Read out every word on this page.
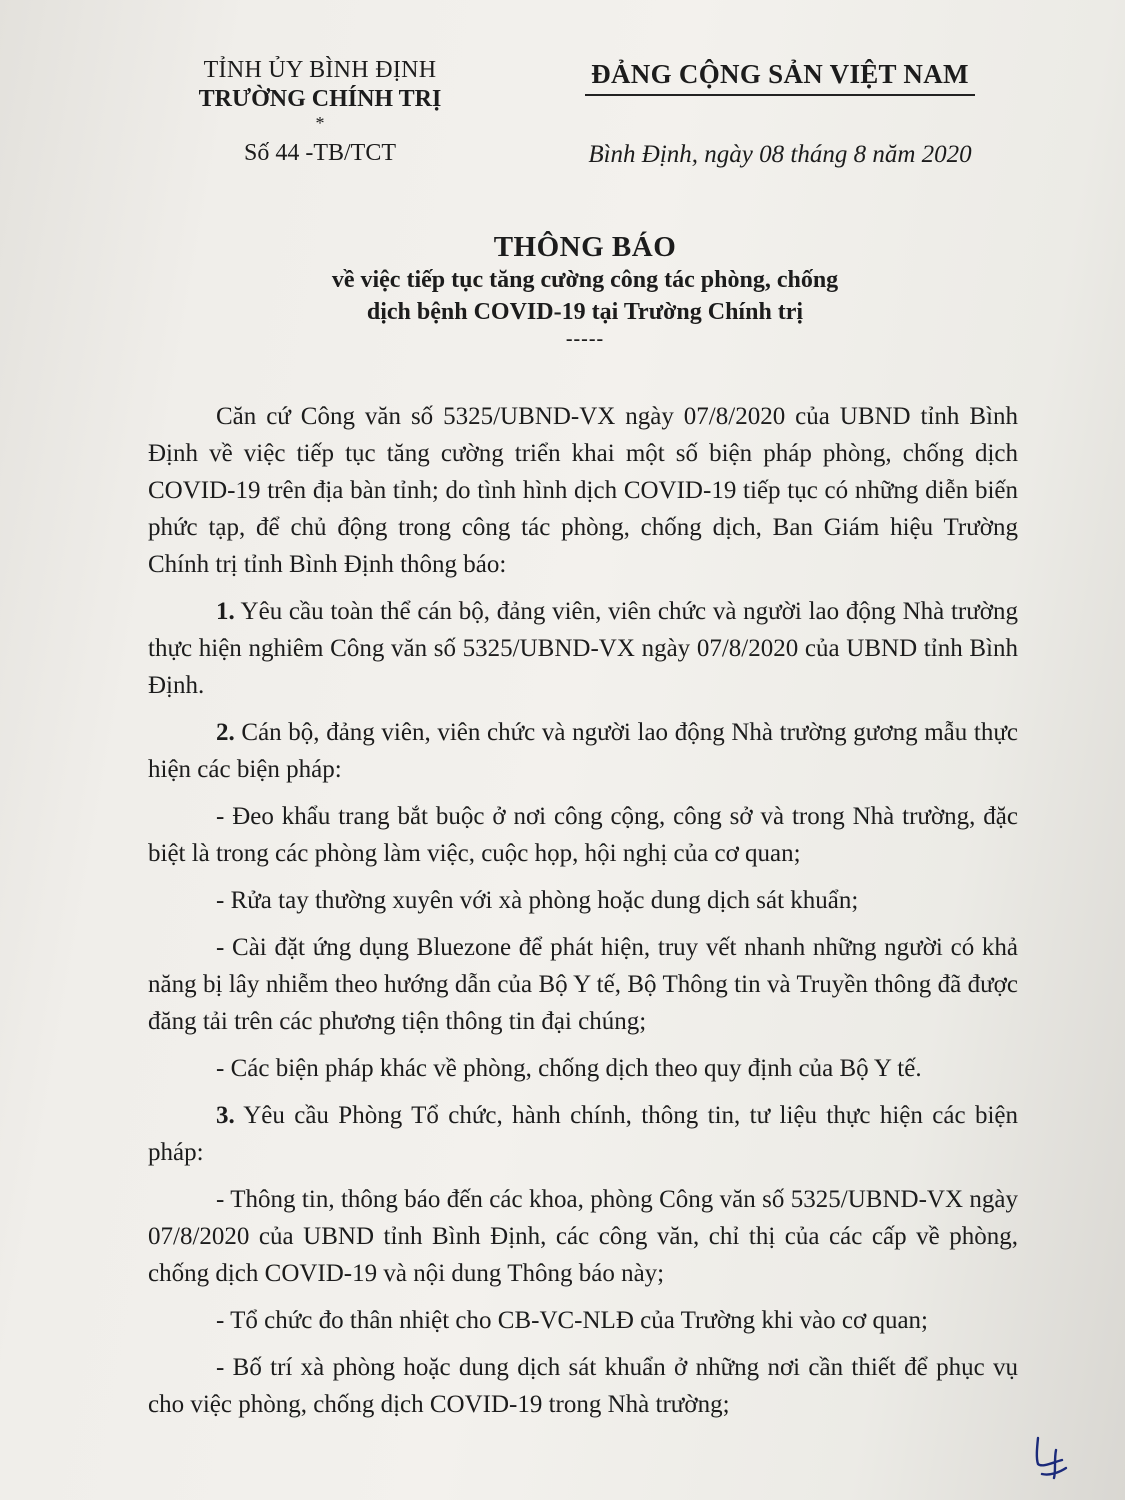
TỈNH ỦY BÌNH ĐỊNH
TRƯỜNG CHÍNH TRỊ
*
Số 44 -TB/TCT
ĐẢNG CỘNG SẢN VIỆT NAM
Bình Định, ngày 08 tháng 8 năm 2020
THÔNG BÁO
về việc tiếp tục tăng cường công tác phòng, chống
dịch bệnh COVID-19 tại Trường Chính trị
-----

Căn cứ Công văn số 5325/UBND-VX ngày 07/8/2020 của UBND tỉnh Bình Định về việc tiếp tục tăng cường triển khai một số biện pháp phòng, chống dịch COVID-19 trên địa bàn tỉnh; do tình hình dịch COVID-19 tiếp tục có những diễn biến phức tạp, để chủ động trong công tác phòng, chống dịch, Ban Giám hiệu Trường Chính trị tỉnh Bình Định thông báo:

1. Yêu cầu toàn thể cán bộ, đảng viên, viên chức và người lao động Nhà trường thực hiện nghiêm Công văn số 5325/UBND-VX ngày 07/8/2020 của UBND tỉnh Bình Định.

2. Cán bộ, đảng viên, viên chức và người lao động Nhà trường gương mẫu thực hiện các biện pháp:

- Đeo khẩu trang bắt buộc ở nơi công cộng, công sở và trong Nhà trường, đặc biệt là trong các phòng làm việc, cuộc họp, hội nghị của cơ quan;

- Rửa tay thường xuyên với xà phòng hoặc dung dịch sát khuẩn;

- Cài đặt ứng dụng Bluezone để phát hiện, truy vết nhanh những người có khả năng bị lây nhiễm theo hướng dẫn của Bộ Y tế, Bộ Thông tin và Truyền thông đã được đăng tải trên các phương tiện thông tin đại chúng;

- Các biện pháp khác về phòng, chống dịch theo quy định của Bộ Y tế.

3. Yêu cầu Phòng Tổ chức, hành chính, thông tin, tư liệu thực hiện các biện pháp:

- Thông tin, thông báo đến các khoa, phòng Công văn số 5325/UBND-VX ngày 07/8/2020 của UBND tỉnh Bình Định, các công văn, chỉ thị của các cấp về phòng, chống dịch COVID-19 và nội dung Thông báo này;

- Tổ chức đo thân nhiệt cho CB-VC-NLĐ của Trường khi vào cơ quan;

- Bố trí xà phòng hoặc dung dịch sát khuẩn ở những nơi cần thiết để phục vụ cho việc phòng, chống dịch COVID-19 trong Nhà trường;
